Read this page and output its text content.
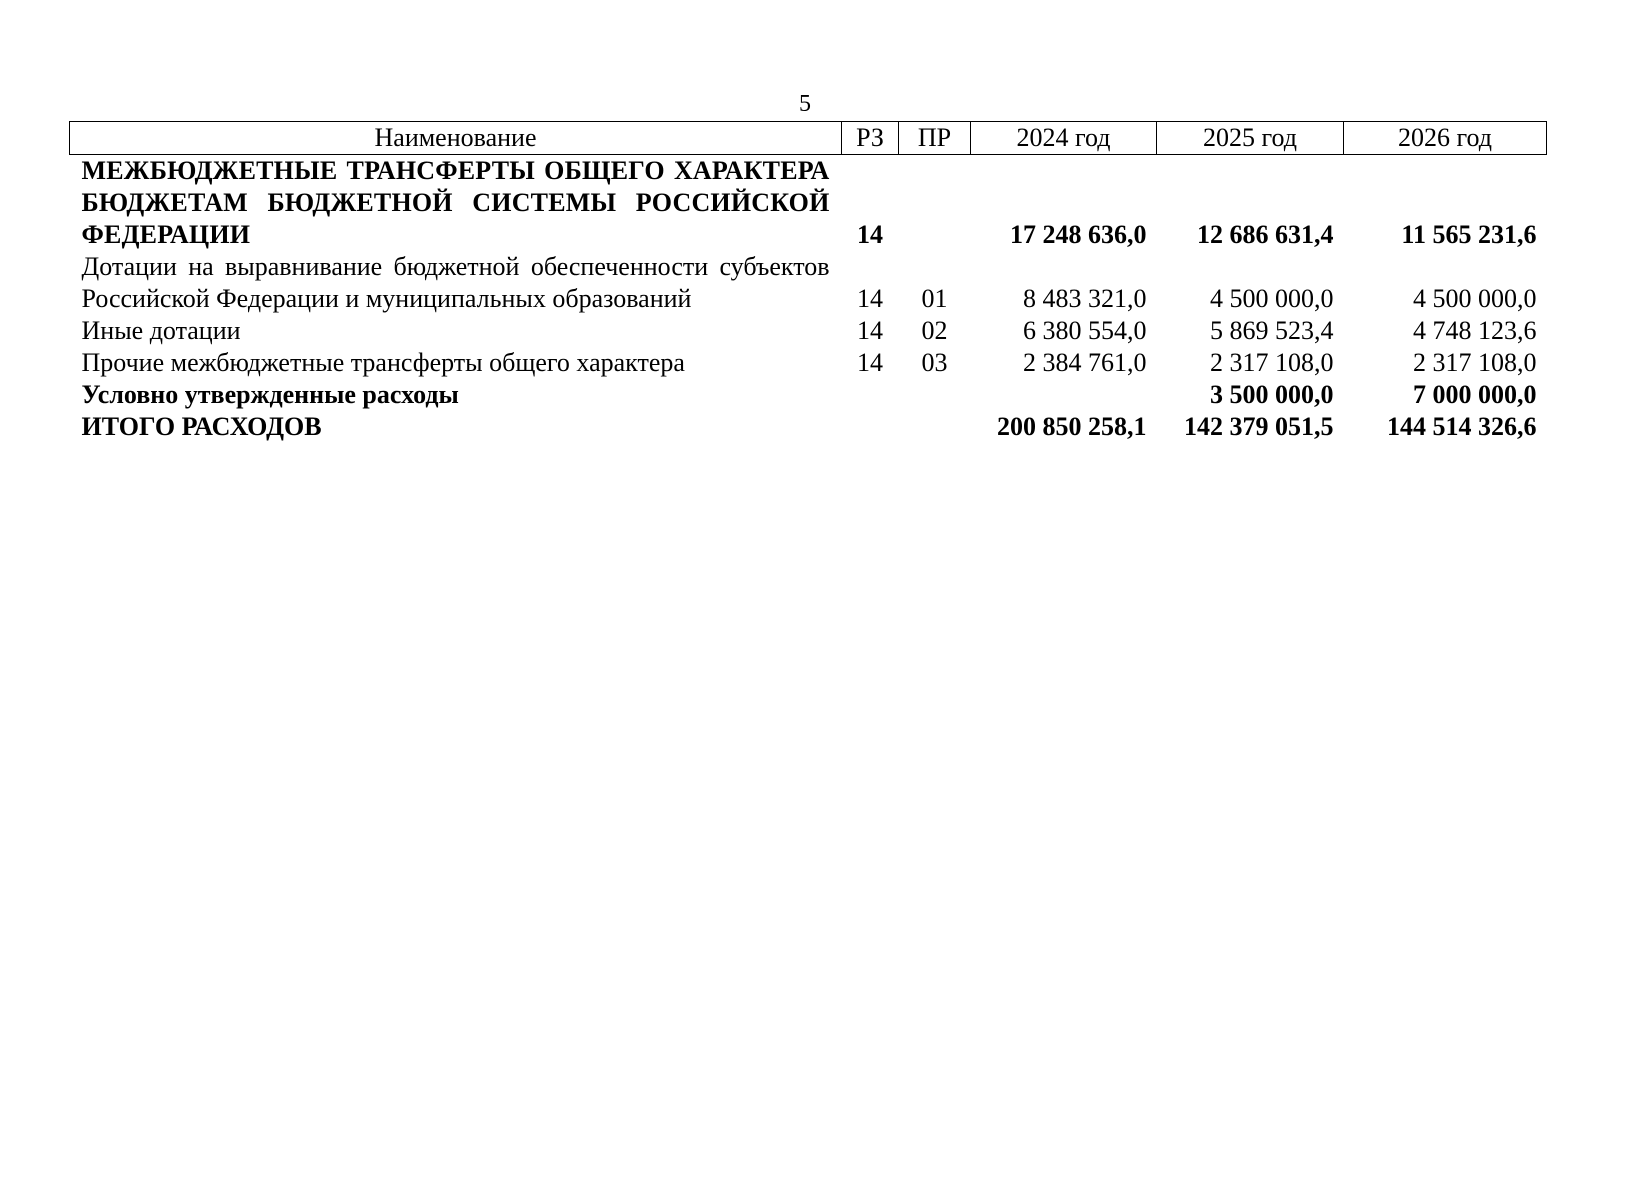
5
Наименование	РЗ	ПР	2024 год	2025 год	2026 год
МЕЖБЮДЖЕТНЫЕ ТРАНСФЕРТЫ ОБЩЕГО ХАРАКТЕРА БЮДЖЕТАМ БЮДЖЕТНОЙ СИСТЕМЫ РОССИЙСКОЙ ФЕДЕРАЦИИ	14		17 248 636,0	12 686 631,4	11 565 231,6
Дотации на выравнивание бюджетной обеспеченности субъектов Российской Федерации и муниципальных образований	14	01	8 483 321,0	4 500 000,0	4 500 000,0
Иные дотации	14	02	6 380 554,0	5 869 523,4	4 748 123,6
Прочие межбюджетные трансферты общего характера	14	03	2 384 761,0	2 317 108,0	2 317 108,0
Условно утвержденные расходы				3 500 000,0	7 000 000,0
ИТОГО РАСХОДОВ			200 850 258,1	142 379 051,5	144 514 326,6
